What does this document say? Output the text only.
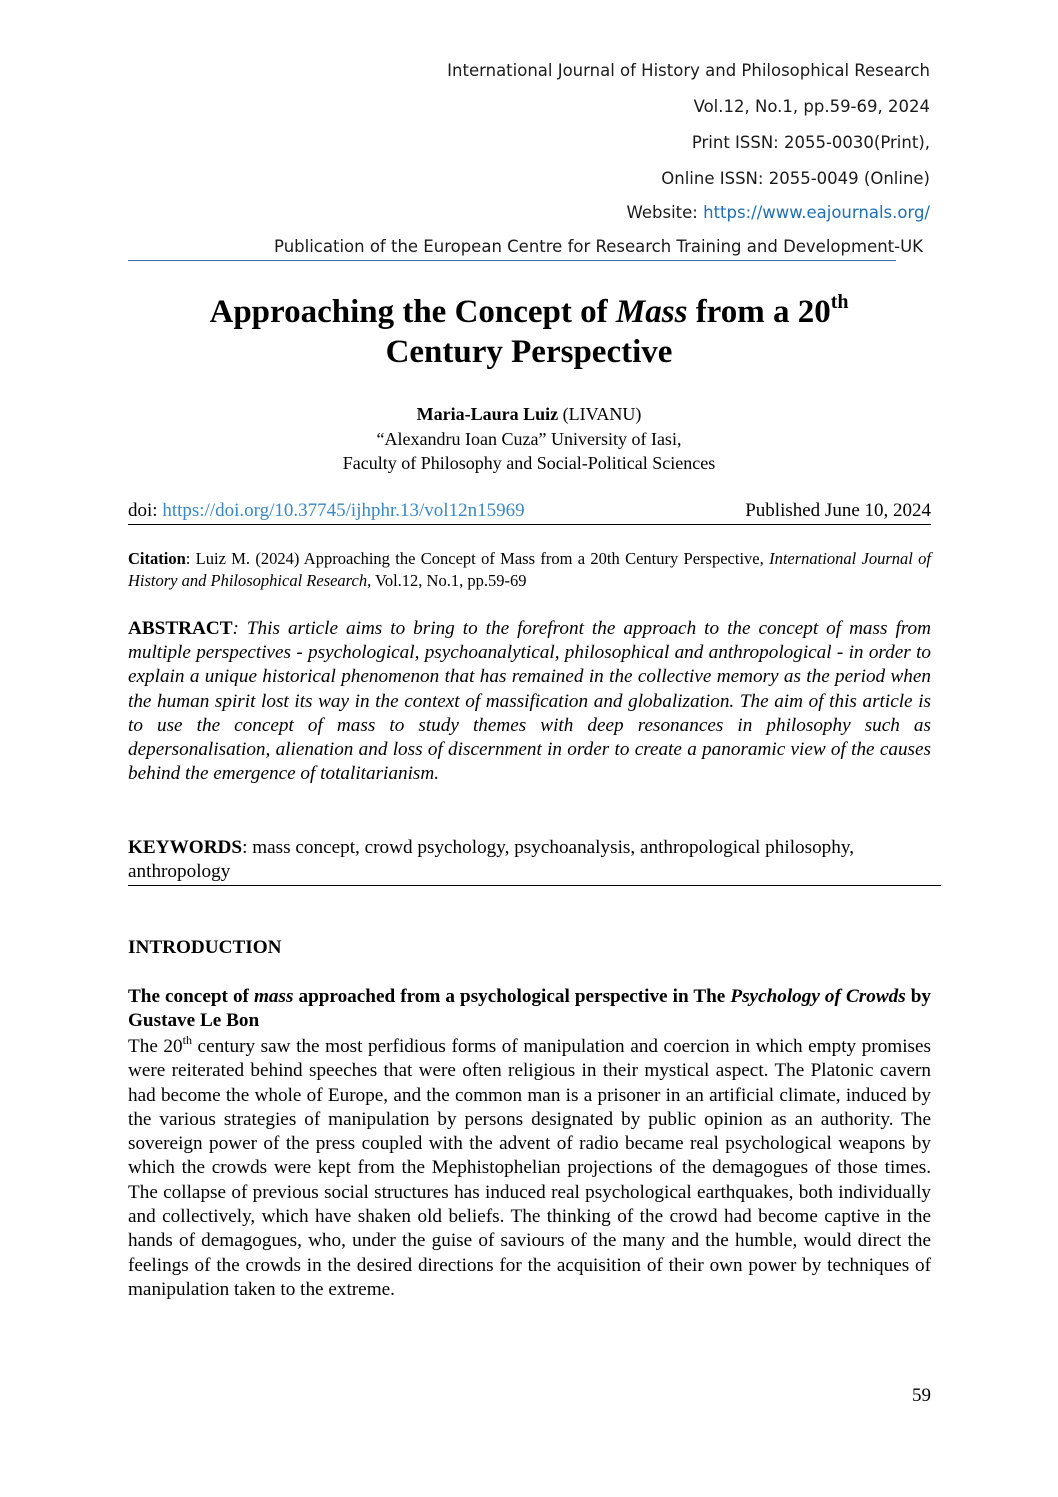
International Journal of History and Philosophical Research
Vol.12, No.1, pp.59-69, 2024
Print ISSN: 2055-0030(Print),
Online ISSN: 2055-0049 (Online)
Website: https://www.eajournals.org/
Publication of the European Centre for Research Training and Development-UK
Approaching the Concept of Mass from a 20th
Century Perspective
Maria-Laura Luiz (LIVANU)
“Alexandru Ioan Cuza” University of Iasi,
Faculty of Philosophy and Social-Political Sciences
doi: https://doi.org/10.37745/ijhphr.13/vol12n15969	Published June 10, 2024
Citation: Luiz M. (2024) Approaching the Concept of Mass from a 20th Century Perspective, International Journal of History and Philosophical Research, Vol.12, No.1, pp.59-69
ABSTRACT: This article aims to bring to the forefront the approach to the concept of mass from multiple perspectives - psychological, psychoanalytical, philosophical and anthropological - in order to explain a unique historical phenomenon that has remained in the collective memory as the period when the human spirit lost its way in the context of massification and globalization. The aim of this article is to use the concept of mass to study themes with deep resonances in philosophy such as depersonalisation, alienation and loss of discernment in order to create a panoramic view of the causes behind the emergence of totalitarianism.
KEYWORDS: mass concept, crowd psychology, psychoanalysis, anthropological philosophy, anthropology
INTRODUCTION
The concept of mass approached from a psychological perspective in The Psychology of Crowds by Gustave Le Bon
The 20th century saw the most perfidious forms of manipulation and coercion in which empty promises were reiterated behind speeches that were often religious in their mystical aspect. The Platonic cavern had become the whole of Europe, and the common man is a prisoner in an artificial climate, induced by the various strategies of manipulation by persons designated by public opinion as an authority. The sovereign power of the press coupled with the advent of radio became real psychological weapons by which the crowds were kept from the Mephistophelian projections of the demagogues of those times. The collapse of previous social structures has induced real psychological earthquakes, both individually and collectively, which have shaken old beliefs. The thinking of the crowd had become captive in the hands of demagogues, who, under the guise of saviours of the many and the humble, would direct the feelings of the crowds in the desired directions for the acquisition of their own power by techniques of manipulation taken to the extreme.
59
